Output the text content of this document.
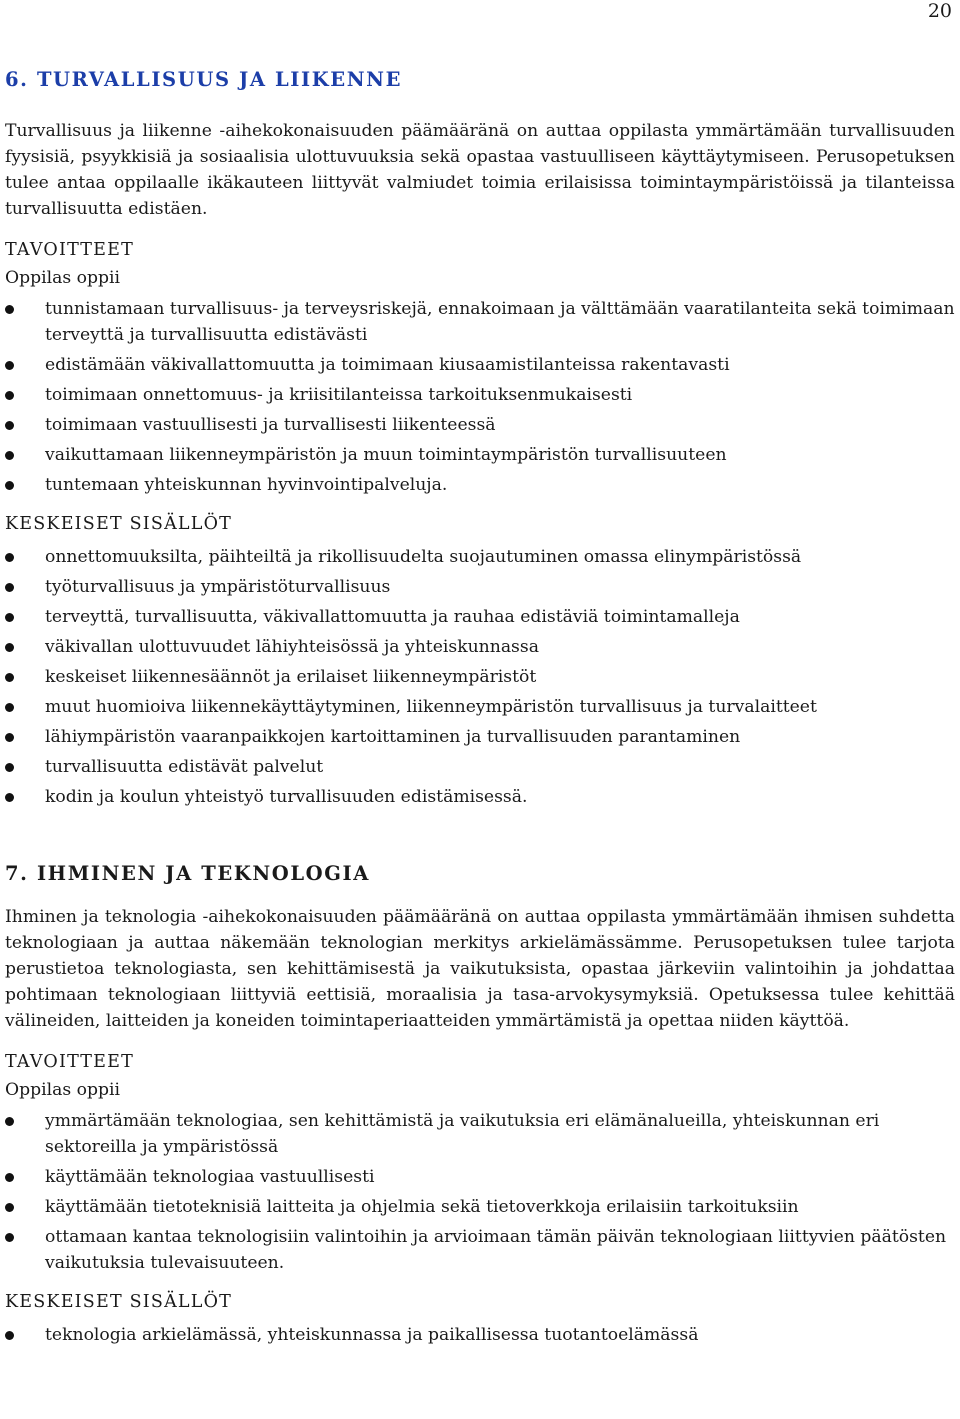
20
6. TURVALLISUUS JA LIIKENNE

Turvallisuus ja liikenne -aihekokonaisuuden päämääränä on auttaa oppilasta ymmärtämään turvallisuuden fyysisiä, psyykkisiä ja sosiaalisia ulottuvuuksia sekä opastaa vastuulliseen käyttäytymiseen. Perusopetuksen tulee antaa oppilaalle ikäkauteen liittyvät valmiudet toimia erilaisissa toimintaympäristöissä ja tilanteissa turvallisuutta edistäen.

TAVOITTEET
Oppilas oppii
tunnistamaan turvallisuus- ja terveysriskejä, ennakoimaan ja välttämään vaaratilanteita sekä toimimaan terveyttä ja turvallisuutta edistävästi
edistämään väkivallattomuutta ja toimimaan kiusaamistilanteissa rakentavasti
toimimaan onnettomuus- ja kriisitilanteissa tarkoituksenmukaisesti
toimimaan vastuullisesti ja turvallisesti liikenteessä
vaikuttamaan liikenneympäristön ja muun toimintaympäristön turvallisuuteen
tuntemaan yhteiskunnan hyvinvointipalveluja.
KESKEISET SISÄLLÖT
onnettomuuksilta, päihteiltä ja rikollisuudelta suojautuminen omassa elinympäristössä
työturvallisuus ja ympäristöturvallisuus
terveyttä, turvallisuutta, väkivallattomuutta ja rauhaa edistäviä toimintamalleja
väkivallan ulottuvuudet lähiyhteisössä ja yhteiskunnassa
keskeiset liikennesäännöt ja erilaiset liikenneympäristöt
muut huomioiva liikennekäyttäytyminen, liikenneympäristön turvallisuus ja turvalaitteet
lähiympäristön vaaranpaikkojen kartoittaminen ja turvallisuuden parantaminen
turvallisuutta edistävät palvelut
kodin ja koulun yhteistyö turvallisuuden edistämisessä.
7. IHMINEN JA TEKNOLOGIA

Ihminen ja teknologia -aihekokonaisuuden päämääränä on auttaa oppilasta ymmärtämään ihmisen suhdetta teknologiaan ja auttaa näkemään teknologian merkitys arkielämässämme. Perusopetuksen tulee tarjota perustietoa teknologiasta, sen kehittämisestä ja vaikutuksista, opastaa järkeviin valintoihin ja johdattaa pohtimaan teknologiaan liittyviä eettisiä, moraalisia ja tasa-arvokysymyksiä. Opetuksessa tulee kehittää välineiden, laitteiden ja koneiden toimintaperiaatteiden ymmärtämistä ja opettaa niiden käyttöä.

TAVOITTEET
Oppilas oppii
ymmärtämään teknologiaa, sen kehittämistä ja vaikutuksia eri elämänalueilla, yhteiskunnan eri sektoreilla ja ympäristössä
käyttämään teknologiaa vastuullisesti
käyttämään tietoteknisiä laitteita ja ohjelmia sekä tietoverkkoja erilaisiin tarkoituksiin
ottamaan kantaa teknologisiin valintoihin ja arvioimaan tämän päivän teknologiaan liittyvien päätösten vaikutuksia tulevaisuuteen.
KESKEISET SISÄLLÖT
teknologia arkielämässä, yhteiskunnassa ja paikallisessa tuotantoelämässä
